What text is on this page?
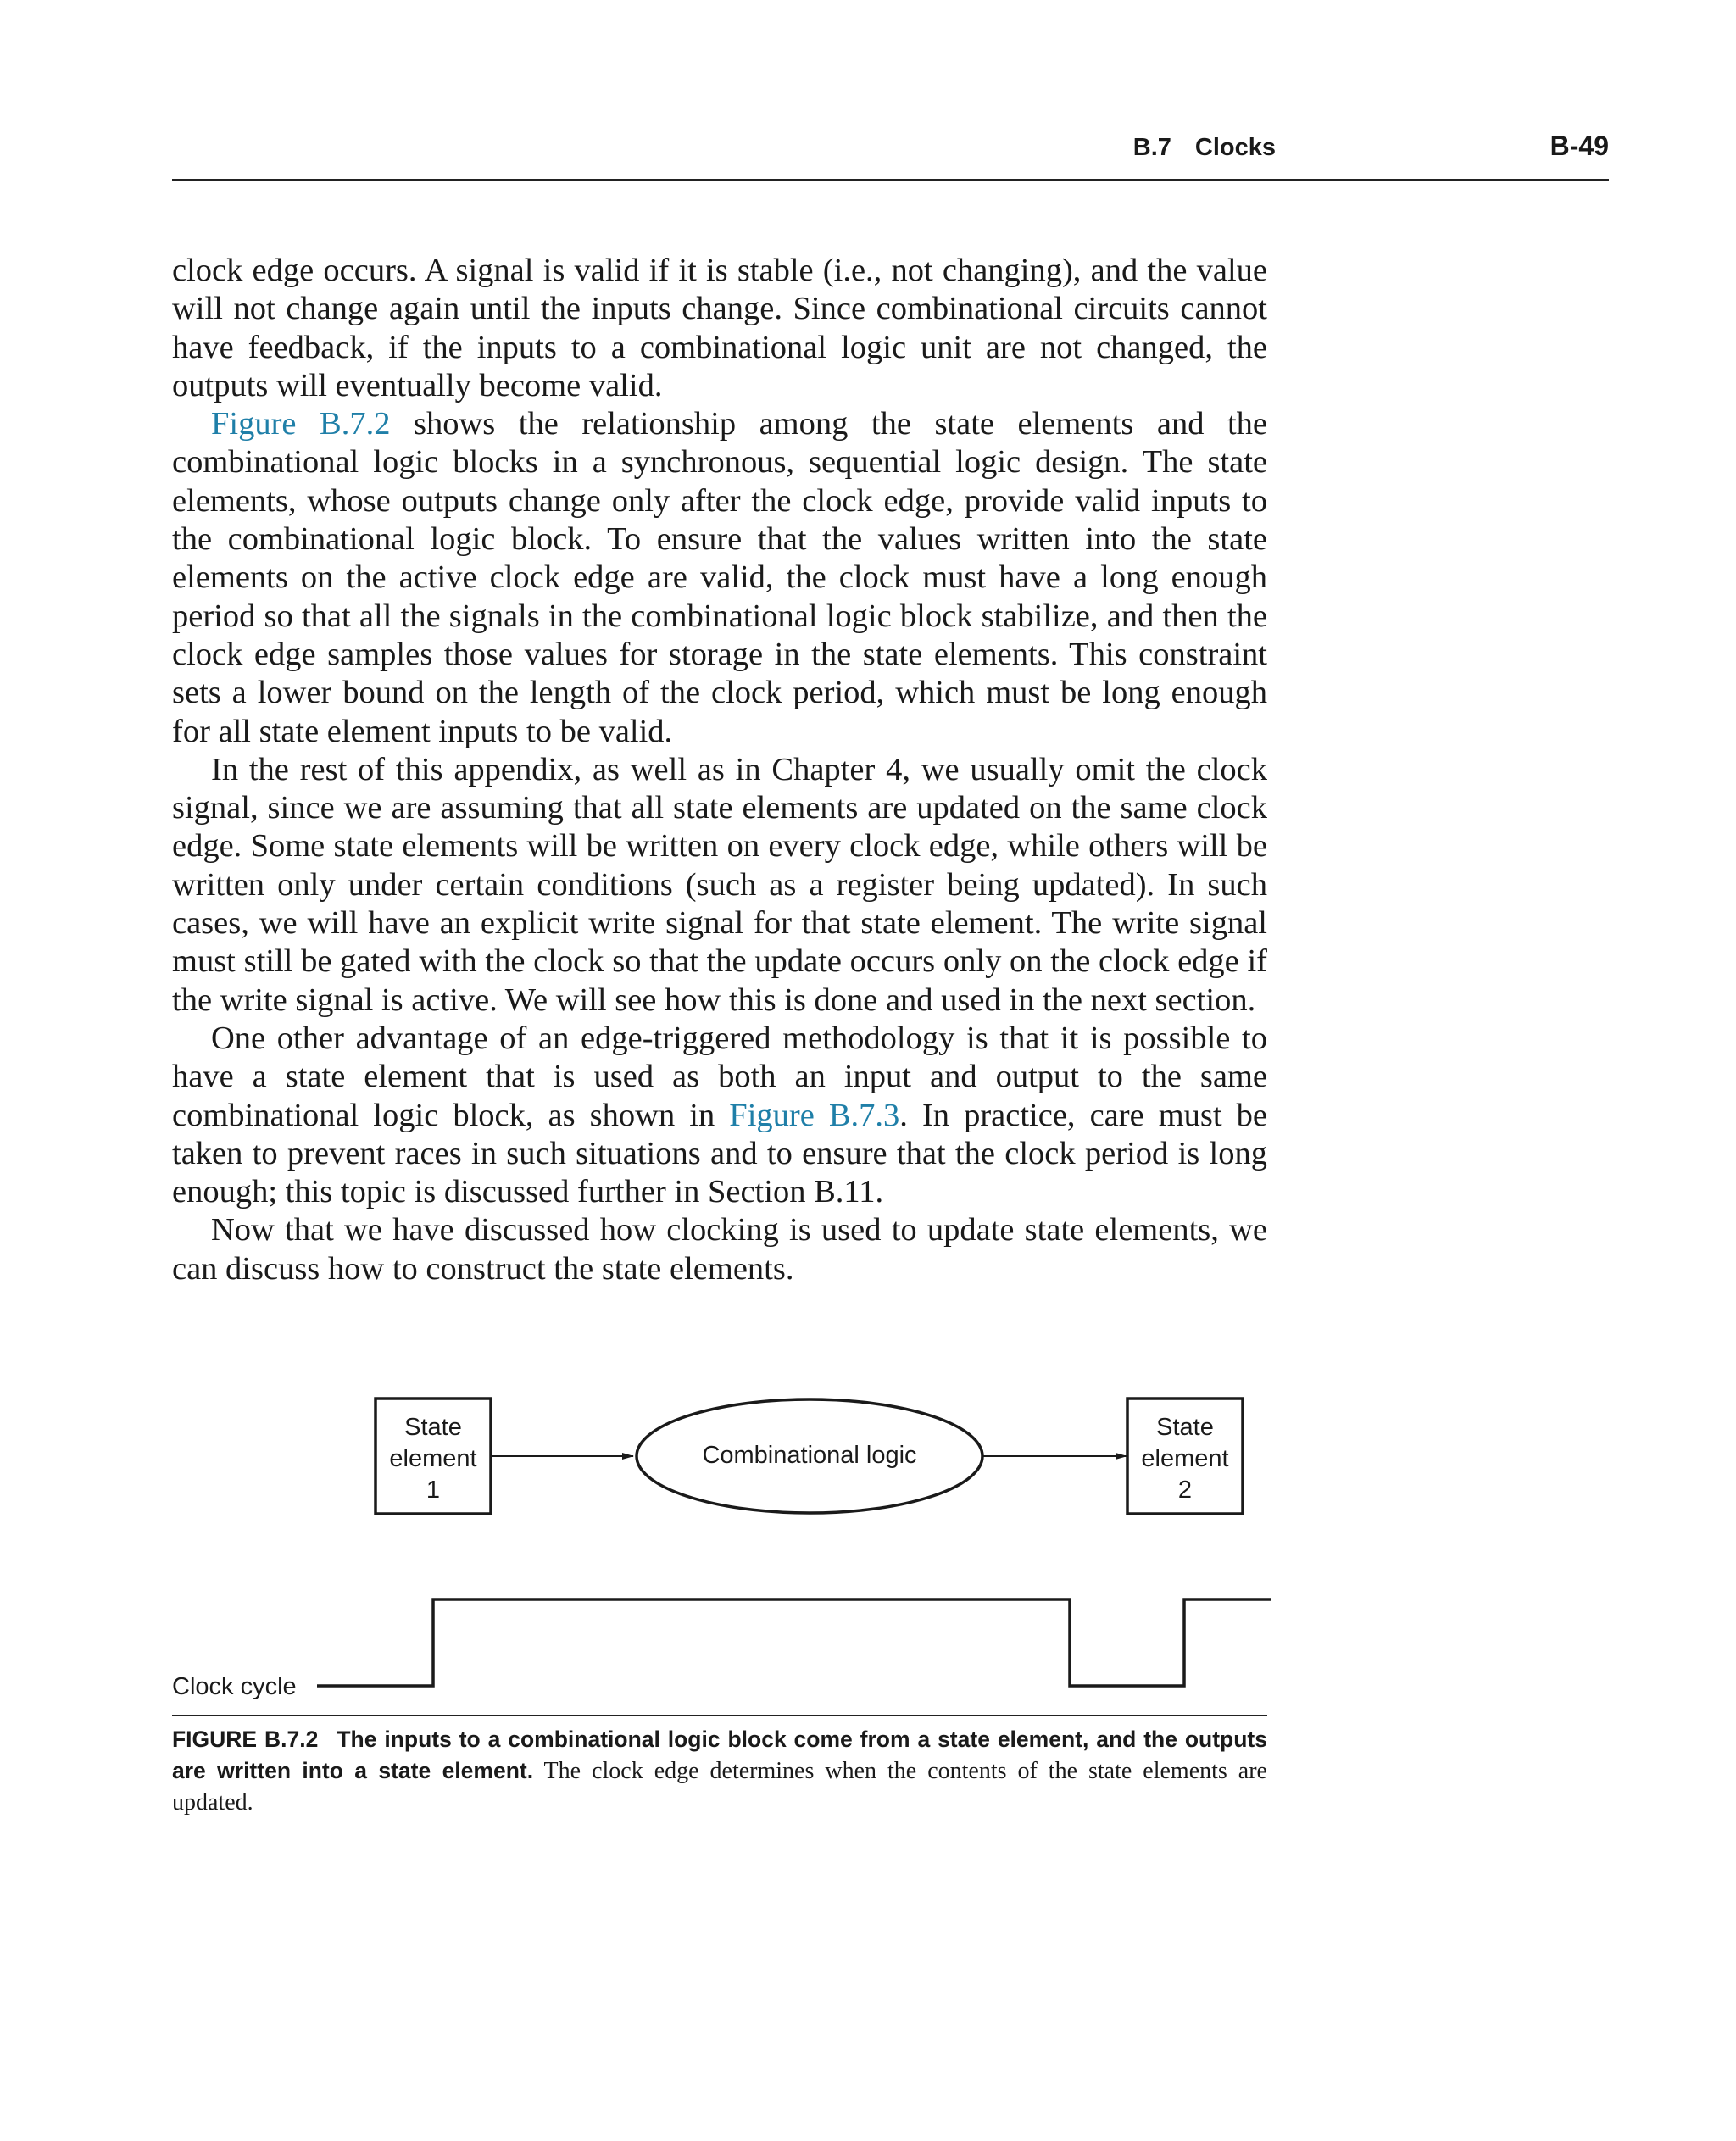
B.7 Clocks	B-49

clock edge occurs. A signal is valid if it is stable (i.e., not changing), and the value will not change again until the inputs change. Since combinational circuits cannot have feedback, if the inputs to a combinational logic unit are not changed, the outputs will eventually become valid.

Figure B.7.2 shows the relationship among the state elements and the combinational logic blocks in a synchronous, sequential logic design. The state elements, whose outputs change only after the clock edge, provide valid inputs to the combinational logic block. To ensure that the values written into the state elements on the active clock edge are valid, the clock must have a long enough period so that all the signals in the combinational logic block stabilize, and then the clock edge samples those values for storage in the state elements. This constraint sets a lower bound on the length of the clock period, which must be long enough for all state element inputs to be valid.

In the rest of this appendix, as well as in Chapter 4, we usually omit the clock signal, since we are assuming that all state elements are updated on the same clock edge. Some state elements will be written on every clock edge, while others will be written only under certain conditions (such as a register being updated). In such cases, we will have an explicit write signal for that state element. The write signal must still be gated with the clock so that the update occurs only on the clock edge if the write signal is active. We will see how this is done and used in the next section.

One other advantage of an edge-triggered methodology is that it is possible to have a state element that is used as both an input and output to the same combinational logic block, as shown in Figure B.7.3. In practice, care must be taken to prevent races in such situations and to ensure that the clock period is long enough; this topic is discussed further in Section B.11.

Now that we have discussed how clocking is used to update state elements, we can discuss how to construct the state elements.

State
element
1
Combinational logic
State
element
2
Clock cycle
FIGURE B.7.2 The inputs to a combinational logic block come from a state element, and the outputs are written into a state element. The clock edge determines when the contents of the state elements are updated.
